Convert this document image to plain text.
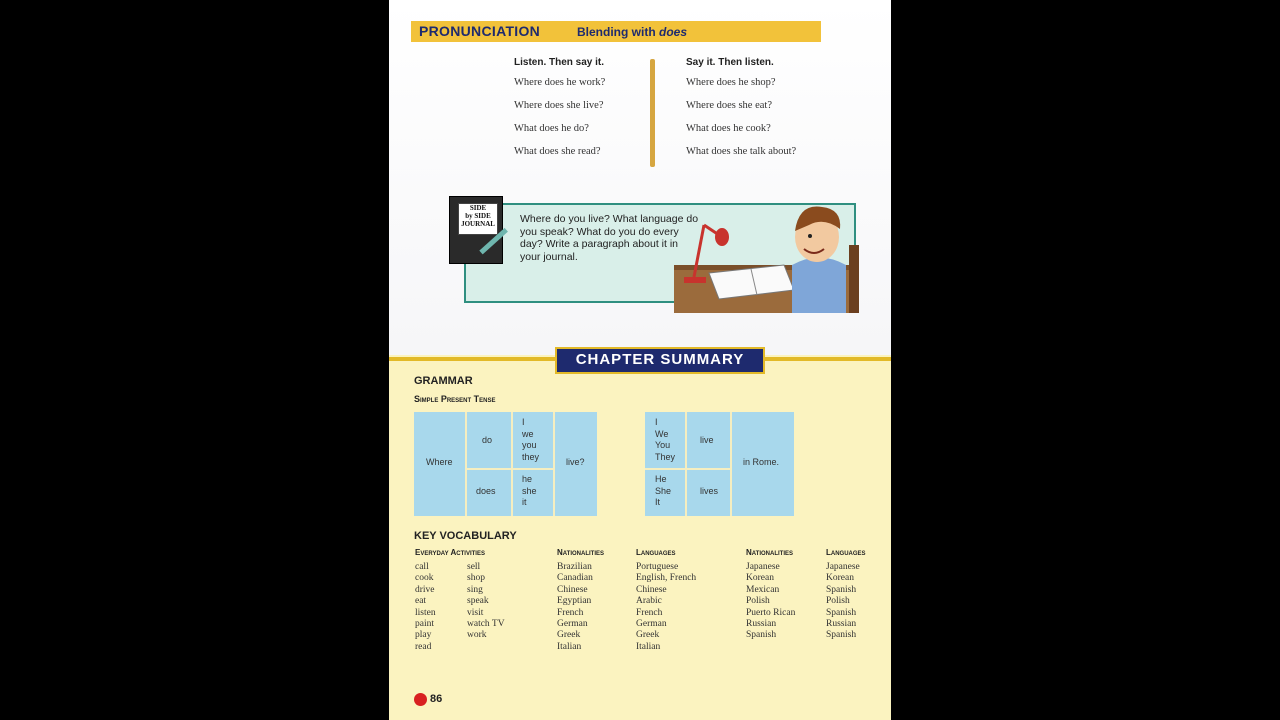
PRONUNCIATION	Blending with does
Listen. Then say it.
Where does he work?
Where does she live?
What does he do?
What does she read?
Say it. Then listen.
Where does he shop?
Where does she eat?
What does he cook?
What does she talk about?
SIDE
by SIDE
JOURNAL Where do you live? What language do you speak? What do you do every day? Write a paragraph about it in your journal.
CHAPTER SUMMARY
GRAMMAR
Simple Present Tense
Where
do
does
I
we
you
they
he
she
it
live?
I
We
You
They
He
She
It
live
lives
in Rome.
KEY VOCABULARY
Everyday Activities
call
cook
drive
eat
listen
paint
play
read
sell
shop
sing
speak
visit
watch TV
work
Nationalities
Brazilian
Canadian
Chinese
Egyptian
French
German
Greek
Italian
Languages
Portuguese
English, French
Chinese
Arabic
French
German
Greek
Italian
Nationalities
Japanese
Korean
Mexican
Polish
Puerto Rican
Russian
Spanish
Languages
Japanese
Korean
Spanish
Polish
Spanish
Russian
Spanish
86
